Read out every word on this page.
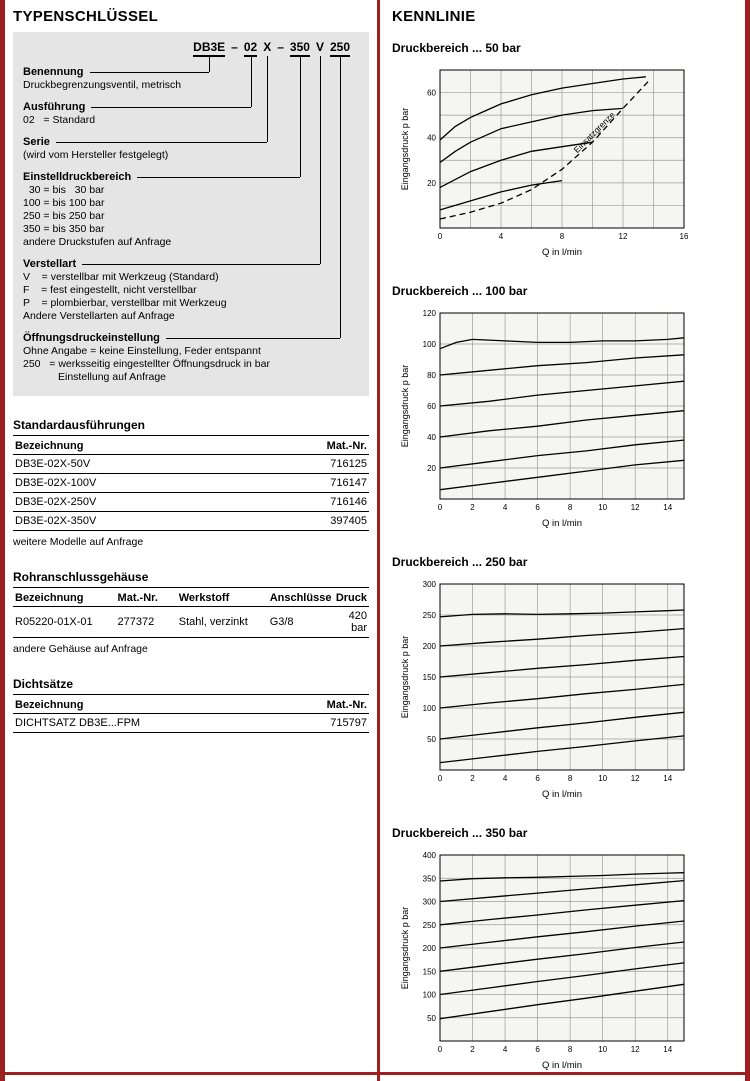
TYPENSCHLÜSSEL
DB3E – 02 X – 350 V 250
Benennung
Druckbegrenzungsventil, metrisch
Ausführung
02   = Standard
Serie
(wird vom Hersteller festgelegt)
Einstelldruckbereich
30 = bis   30 bar
100 = bis 100 bar
250 = bis 250 bar
350 = bis 350 bar
andere Druckstufen auf Anfrage
Verstellart
V    = verstellbar mit Werkzeug (Standard)
F    = fest eingestellt, nicht verstellbar
P    = plombierbar, verstellbar mit Werkzeug
Andere Verstellarten auf Anfrage
Öffnungsdruckeinstellung
Ohne Angabe = keine Einstellung, Feder entspannt
250   = werksseitig eingestellter Öffnungsdruck in bar
Einstellung auf Anfrage
Standardausführungen
Bezeichnung	Mat.-Nr.
DB3E-02X-50V	716125
DB3E-02X-100V	716147
DB3E-02X-250V	716146
DB3E-02X-350V	397405
weitere Modelle auf Anfrage
Rohranschlussgehäuse
Bezeichnung	Mat.-Nr.	Werkstoff	Anschlüsse	Druck
R05220-01X-01	277372	Stahl, verzinkt	G3/8	420 bar
andere Gehäuse auf Anfrage
Dichtsätze
Bezeichnung	Mat.-Nr.
DICHTSATZ DB3E...FPM	715797
KENNLINIE
Druckbereich ... 50 bar
0	4	8	12	16
20
40
60
Q in l/min
Eingangsdruck p bar	Einsatzgrenze
Druckbereich ... 100 bar
0	2	4	6	8	10	12	14
20
40
60
80
100
120
Q in l/min
Eingangsdruck p bar
Druckbereich ... 250 bar
0	2	4	6	8	10	12	14
50
100
150
200
250
300
Q in l/min
Eingangsdruck p bar
Druckbereich ... 350 bar
0	2	4	6	8	10	12	14
50
100
150
200
250
300
350
400
Q in l/min
Eingangsdruck p bar
